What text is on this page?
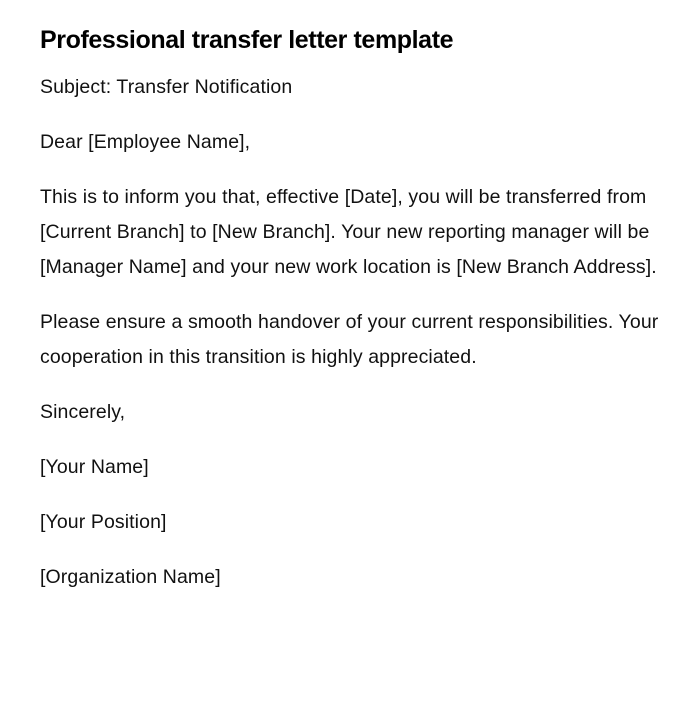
Professional transfer letter template

Subject: Transfer Notification

Dear [Employee Name],

This is to inform you that, effective [Date], you will be transferred from [Current Branch] to [New Branch]. Your new reporting manager will be [Manager Name] and your new work location is [New Branch Address].

Please ensure a smooth handover of your current responsibilities. Your cooperation in this transition is highly appreciated.

Sincerely,

[Your Name]

[Your Position]

[Organization Name]
